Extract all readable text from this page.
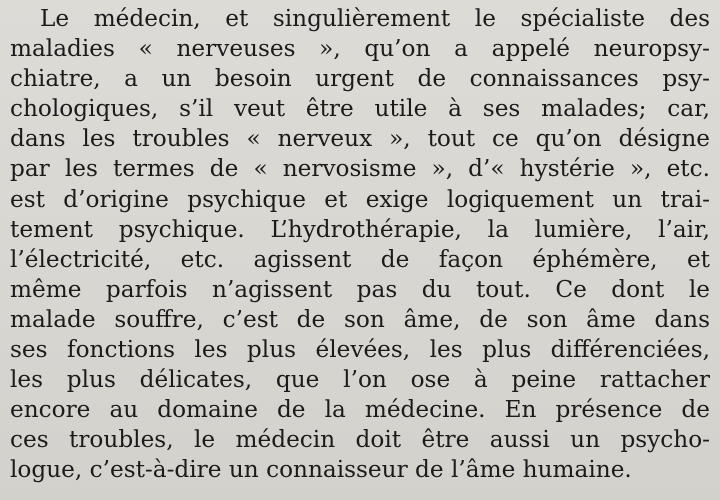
Le médecin, et singulièrement le spécialiste des
maladies « nerveuses », qu’on a appelé neuropsy-
chiatre, a un besoin urgent de connaissances psy-
chologiques, s’il veut être utile à ses malades; car,
dans les troubles « nerveux », tout ce qu’on désigne
par les termes de « nervosisme », d’« hystérie », etc.
est d’origine psychique et exige logiquement un trai-
tement psychique. L’hydrothérapie, la lumière, l’air,
l’électricité, etc. agissent de façon éphémère, et
même parfois n’agissent pas du tout. Ce dont le
malade souffre, c’est de son âme, de son âme dans
ses fonctions les plus élevées, les plus différenciées,
les plus délicates, que l’on ose à peine rattacher
encore au domaine de la médecine. En présence de
ces troubles, le médecin doit être aussi un psycho-
logue, c’est-à-dire un connaisseur de l’âme humaine.
